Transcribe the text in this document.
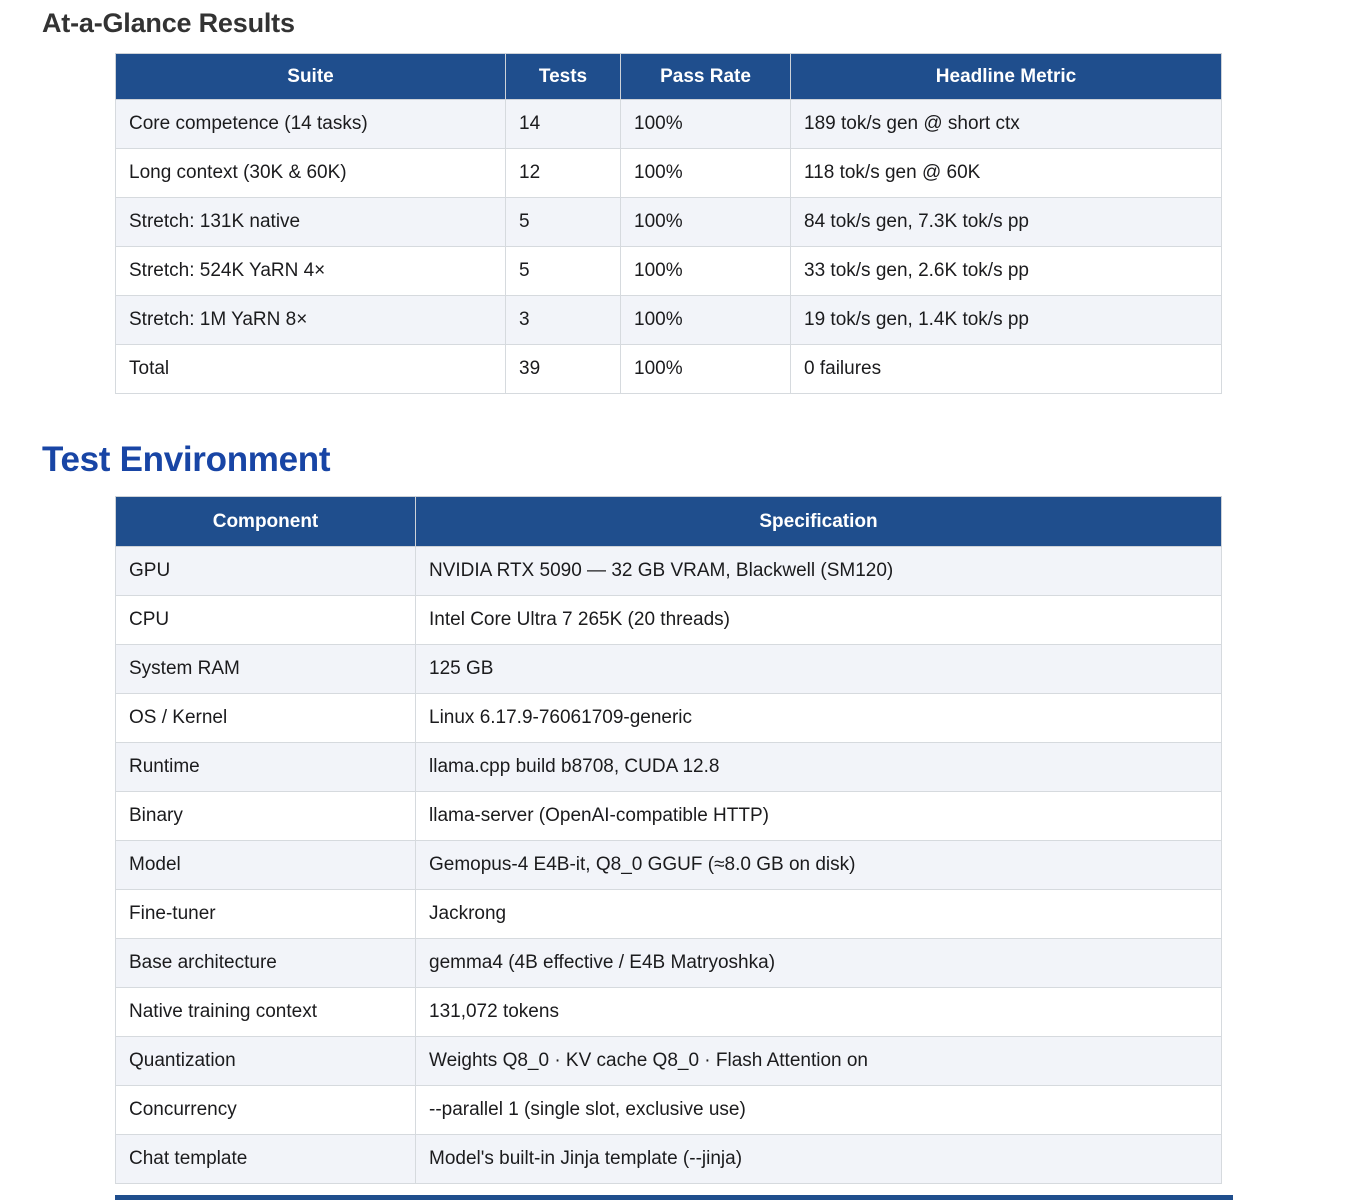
At-a-Glance Results
Suite	Tests	Pass Rate	Headline Metric
Core competence (14 tasks)	14	100%	189 tok/s gen @ short ctx
Long context (30K & 60K)	12	100%	118 tok/s gen @ 60K
Stretch: 131K native	5	100%	84 tok/s gen, 7.3K tok/s pp
Stretch: 524K YaRN 4×	5	100%	33 tok/s gen, 2.6K tok/s pp
Stretch: 1M YaRN 8×	3	100%	19 tok/s gen, 1.4K tok/s pp
Total	39	100%	0 failures
Test Environment
Component	Specification
GPU	NVIDIA RTX 5090 — 32 GB VRAM, Blackwell (SM120)
CPU	Intel Core Ultra 7 265K (20 threads)
System RAM	125 GB
OS / Kernel	Linux 6.17.9-76061709-generic
Runtime	llama.cpp build b8708, CUDA 12.8
Binary	llama-server (OpenAI-compatible HTTP)
Model	Gemopus-4 E4B-it, Q8_0 GGUF (≈8.0 GB on disk)
Fine-tuner	Jackrong
Base architecture	gemma4 (4B effective / E4B Matryoshka)
Native training context	131,072 tokens
Quantization	Weights Q8_0 · KV cache Q8_0 · Flash Attention on
Concurrency	--parallel 1 (single slot, exclusive use)
Chat template	Model's built-in Jinja template (--jinja)
